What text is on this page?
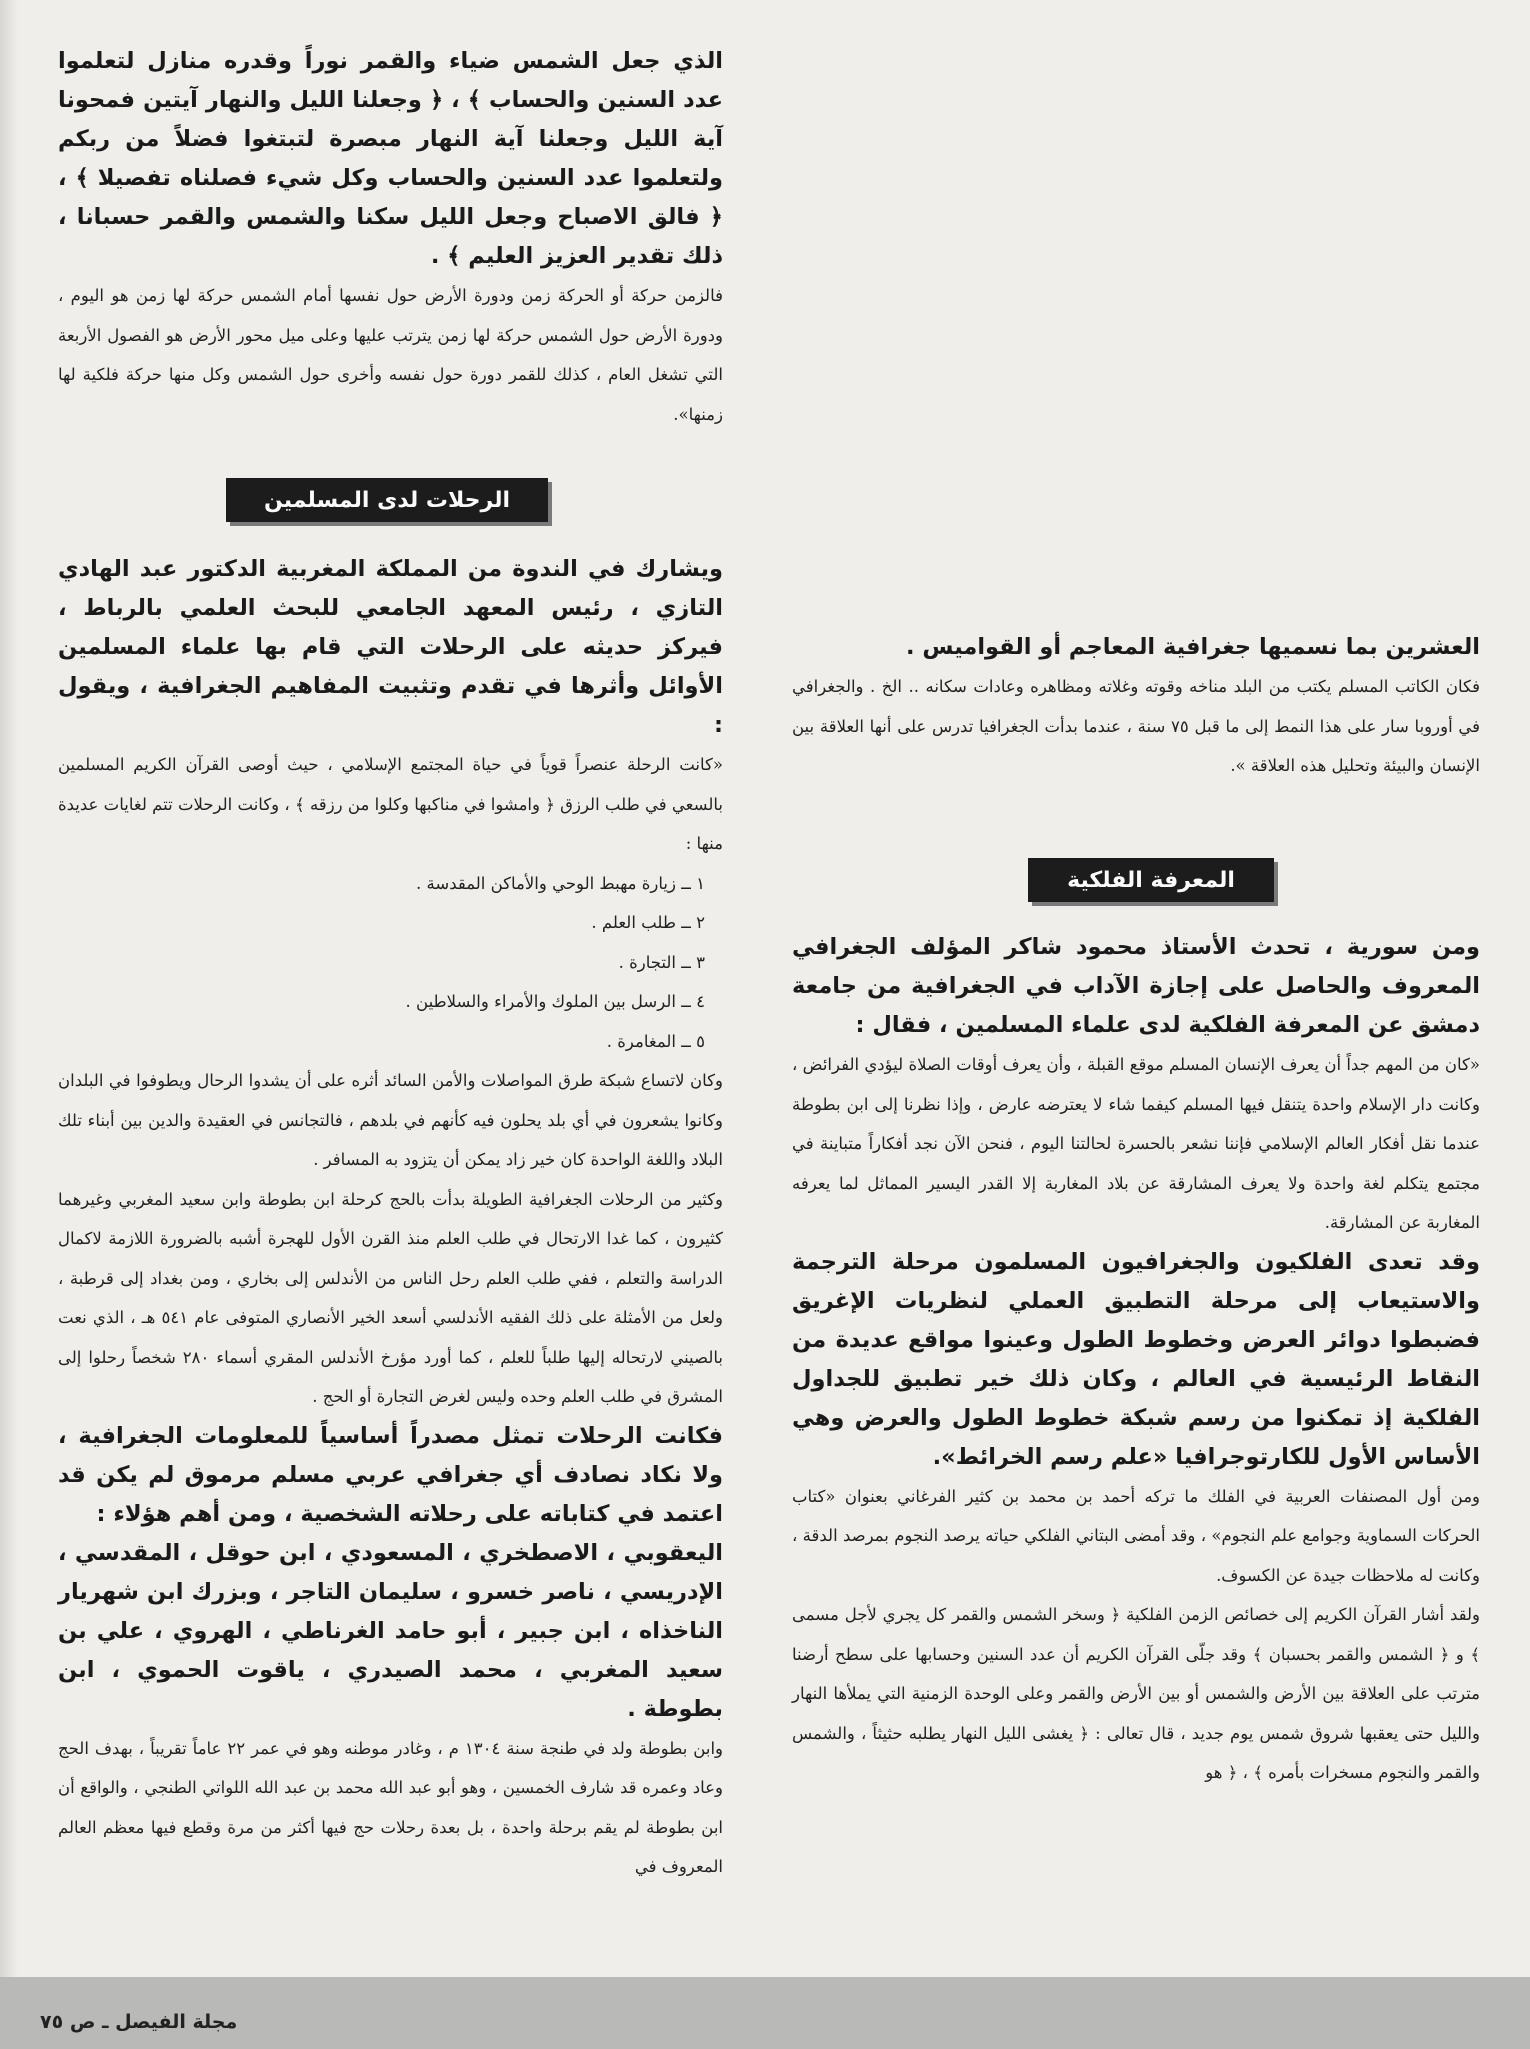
الذي جعل الشمس ضياء والقمر نوراً وقدره منازل لتعلموا عدد السنين والحساب ﴾ ، ﴿ وجعلنا الليل والنهار آيتين فمحونا آية الليل وجعلنا آية النهار مبصرة لتبتغوا فضلاً من ربكم ولتعلموا عدد السنين والحساب وكل شيء فصلناه تفصيلا ﴾ ، ﴿ فالق الاصباح وجعل الليل سكنا والشمس والقمر حسبانا ، ذلك تقدير العزيز العليم ﴾ .

فالزمن حركة أو الحركة زمن ودورة الأرض حول نفسها أمام الشمس حركة لها زمن هو اليوم ، ودورة الأرض حول الشمس حركة لها زمن يترتب عليها وعلى ميل محور الأرض هو الفصول الأربعة التي تشغل العام ، كذلك للقمر دورة حول نفسه وأخرى حول الشمس وكل منها حركة فلكية لها زمنها».

الرحلات لدى المسلمين

ويشارك في الندوة من المملكة المغربية الدكتور عبد الهادي التازي ، رئيس المعهد الجامعي للبحث العلمي بالرباط ، فيركز حديثه على الرحلات التي قام بها علماء المسلمين الأوائل وأثرها في تقدم وتثبيت المفاهيم الجغرافية ، ويقول :

«كانت الرحلة عنصراً قوياً في حياة المجتمع الإسلامي ، حيث أوصى القرآن الكريم المسلمين بالسعي في طلب الرزق ﴿ وامشوا في مناكبها وكلوا من رزقه ﴾ ، وكانت الرحلات تتم لغايات عديدة منها :

١ ــ زيارة مهبط الوحي والأماكن المقدسة .

٢ ــ طلب العلم .

٣ ــ التجارة .

٤ ــ الرسل بين الملوك والأمراء والسلاطين .

٥ ــ المغامرة .

وكان لاتساع شبكة طرق المواصلات والأمن السائد أثره على أن يشدوا الرحال ويطوفوا في البلدان وكانوا يشعرون في أي بلد يحلون فيه كأنهم في بلدهم ، فالتجانس في العقيدة والدين بين أبناء تلك البلاد واللغة الواحدة كان خير زاد يمكن أن يتزود به المسافر .

وكثير من الرحلات الجغرافية الطويلة بدأت بالحج كرحلة ابن بطوطة وابن سعيد المغربي وغيرهما كثيرون ، كما غدا الارتحال في طلب العلم منذ القرن الأول للهجرة أشبه بالضرورة اللازمة لاكمال الدراسة والتعلم ، ففي طلب العلم رحل الناس من الأندلس إلى بخاري ، ومن بغداد إلى قرطبة ، ولعل من الأمثلة على ذلك الفقيه الأندلسي أسعد الخير الأنصاري المتوفى عام ٥٤١ هـ ، الذي نعت بالصيني لارتحاله إليها طلباً للعلم ، كما أورد مؤرخ الأندلس المقري أسماء ٢٨٠ شخصاً رحلوا إلى المشرق في طلب العلم وحده وليس لغرض التجارة أو الحج .

فكانت الرحلات تمثل مصدراً أساسياً للمعلومات الجغرافية ، ولا نكاد نصادف أي جغرافي عربي مسلم مرموق لم يكن قد اعتمد في كتاباته على رحلاته الشخصية ، ومن أهم هؤلاء :

اليعقوبي ، الاصطخري ، المسعودي ، ابن حوقل ، المقدسي ، الإدريسي ، ناصر خسرو ، سليمان التاجر ، وبزرك ابن شهريار الناخذاه ، ابن جبير ، أبو حامد الغرناطي ، الهروي ، علي بن سعيد المغربي ، محمد الصيدري ، ياقوت الحموي ، ابن بطوطة .

وابن بطوطة ولد في طنجة سنة ١٣٠٤ م ، وغادر موطنه وهو في عمر ٢٢ عاماً تقريباً ، بهدف الحج وعاد وعمره قد شارف الخمسين ، وهو أبو عبد الله محمد بن عبد الله اللواتي الطنجي ، والواقع أن ابن بطوطة لم يقم برحلة واحدة ، بل بعدة رحلات حج فيها أكثر من مرة وقطع فيها معظم العالم المعروف في

العشرين بما نسميها جغرافية المعاجم أو القواميس .

فكان الكاتب المسلم يكتب من البلد مناخه وقوته وغلاته ومظاهره وعادات سكانه .. الخ . والجغرافي في أوروبا سار على هذا النمط إلى ما قبل ٧٥ سنة ، عندما بدأت الجغرافيا تدرس على أنها العلاقة بين الإنسان والبيئة وتحليل هذه العلاقة ».

المعرفة الفلكية

ومن سورية ، تحدث الأستاذ محمود شاكر المؤلف الجغرافي المعروف والحاصل على إجازة الآداب في الجغرافية من جامعة دمشق عن المعرفة الفلكية لدى علماء المسلمين ، فقال :

«كان من المهم جداً أن يعرف الإنسان المسلم موقع القبلة ، وأن يعرف أوقات الصلاة ليؤدي الفرائض ، وكانت دار الإسلام واحدة يتنقل فيها المسلم كيفما شاء لا يعترضه عارض ، وإذا نظرنا إلى ابن بطوطة عندما نقل أفكار العالم الإسلامي فإننا نشعر بالحسرة لحالتنا اليوم ، فنحن الآن نجد أفكاراً متباينة في مجتمع يتكلم لغة واحدة ولا يعرف المشارقة عن بلاد المغاربة إلا القدر اليسير المماثل لما يعرفه المغاربة عن المشارقة.

وقد تعدى الفلكيون والجغرافيون المسلمون مرحلة الترجمة والاستيعاب إلى مرحلة التطبيق العملي لنظريات الإغريق فضبطوا دوائر العرض وخطوط الطول وعينوا مواقع عديدة من النقاط الرئيسية في العالم ، وكان ذلك خير تطبيق للجداول الفلكية إذ تمكنوا من رسم شبكة خطوط الطول والعرض وهي الأساس الأول للكارتوجرافيا «علم رسم الخرائط».

ومن أول المصنفات العربية في الفلك ما تركه أحمد بن محمد بن كثير الفرغاني بعنوان «كتاب الحركات السماوية وجوامع علم النجوم» ، وقد أمضى البتاني الفلكي حياته يرصد النجوم بمرصد الدقة ، وكانت له ملاحظات جيدة عن الكسوف.

ولقد أشار القرآن الكريم إلى خصائص الزمن الفلكية ﴿ وسخر الشمس والقمر كل يجري لأجل مسمى ﴾ و ﴿ الشمس والقمر بحسبان ﴾ وقد جلّى القرآن الكريم أن عدد السنين وحسابها على سطح أرضنا مترتب على العلاقة بين الأرض والشمس أو بين الأرض والقمر وعلى الوحدة الزمنية التي يملأها النهار والليل حتى يعقبها شروق شمس يوم جديد ، قال تعالى : ﴿ يغشى الليل النهار يطلبه حثيثاً ، والشمس والقمر والنجوم مسخرات بأمره ﴾ ، ﴿ هو

مجلة الفيصل ـ ص ٧٥
